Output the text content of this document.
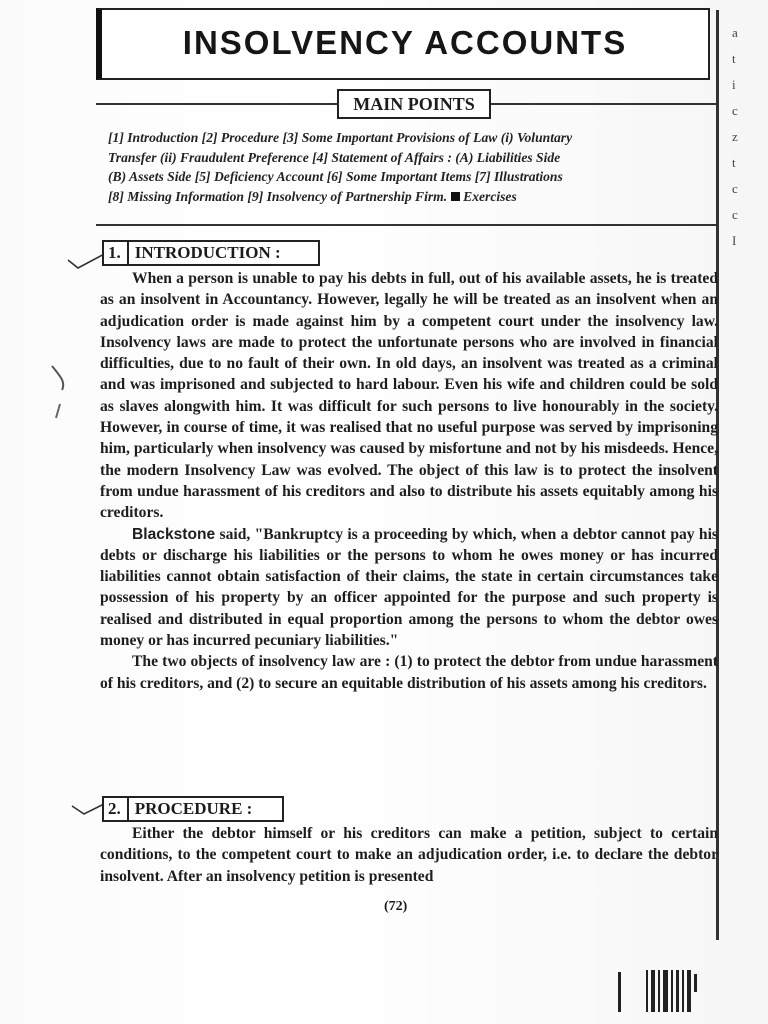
INSOLVENCY ACCOUNTS	a
t
i
c
z
t
c
c
I
MAIN POINTS
[1] Introduction [2] Procedure [3] Some Important Provisions of Law (i) Voluntary
Transfer (ii) Fraudulent Preference [4] Statement of Affairs : (A) Liabilities Side
(B) Assets Side [5] Deficiency Account [6] Some Important Items [7] Illustrations
[8] Missing Information [9] Insolvency of Partnership Firm. Exercises
1. INTRODUCTION :

When a person is unable to pay his debts in full, out of his available assets, he is treated as an insolvent in Accountancy. However, legally he will be treated as an insolvent when an adjudication order is made against him by a competent court under the insolvency law. Insolvency laws are made to protect the unfortunate persons who are involved in financial difficulties, due to no fault of their own. In old days, an insolvent was treated as a criminal and was imprisoned and subjected to hard labour. Even his wife and children could be sold as slaves alongwith him. It was difficult for such persons to live honourably in the society. However, in course of time, it was realised that no useful purpose was served by imprisoning him, particularly when insolvency was caused by misfortune and not by his misdeeds. Hence, the modern Insolvency Law was evolved. The object of this law is to protect the insolvent from undue harassment of his creditors and also to distribute his assets equitably among his creditors.

Blackstone said, "Bankruptcy is a proceeding by which, when a debtor cannot pay his debts or discharge his liabilities or the persons to whom he owes money or has incurred liabilities cannot obtain satisfaction of their claims, the state in certain circumstances take possession of his property by an officer appointed for the purpose and such property is realised and distributed in equal proportion among the persons to whom the debtor owes money or has incurred pecuniary liabilities."

The two objects of insolvency law are : (1) to protect the debtor from undue harassment of his creditors, and (2) to secure an equitable distribution of his assets among his creditors.

2. PROCEDURE :

Either the debtor himself or his creditors can make a petition, subject to certain conditions, to the competent court to make an adjudication order, i.e. to declare the debtor insolvent. After an insolvency petition is presented

(72)
